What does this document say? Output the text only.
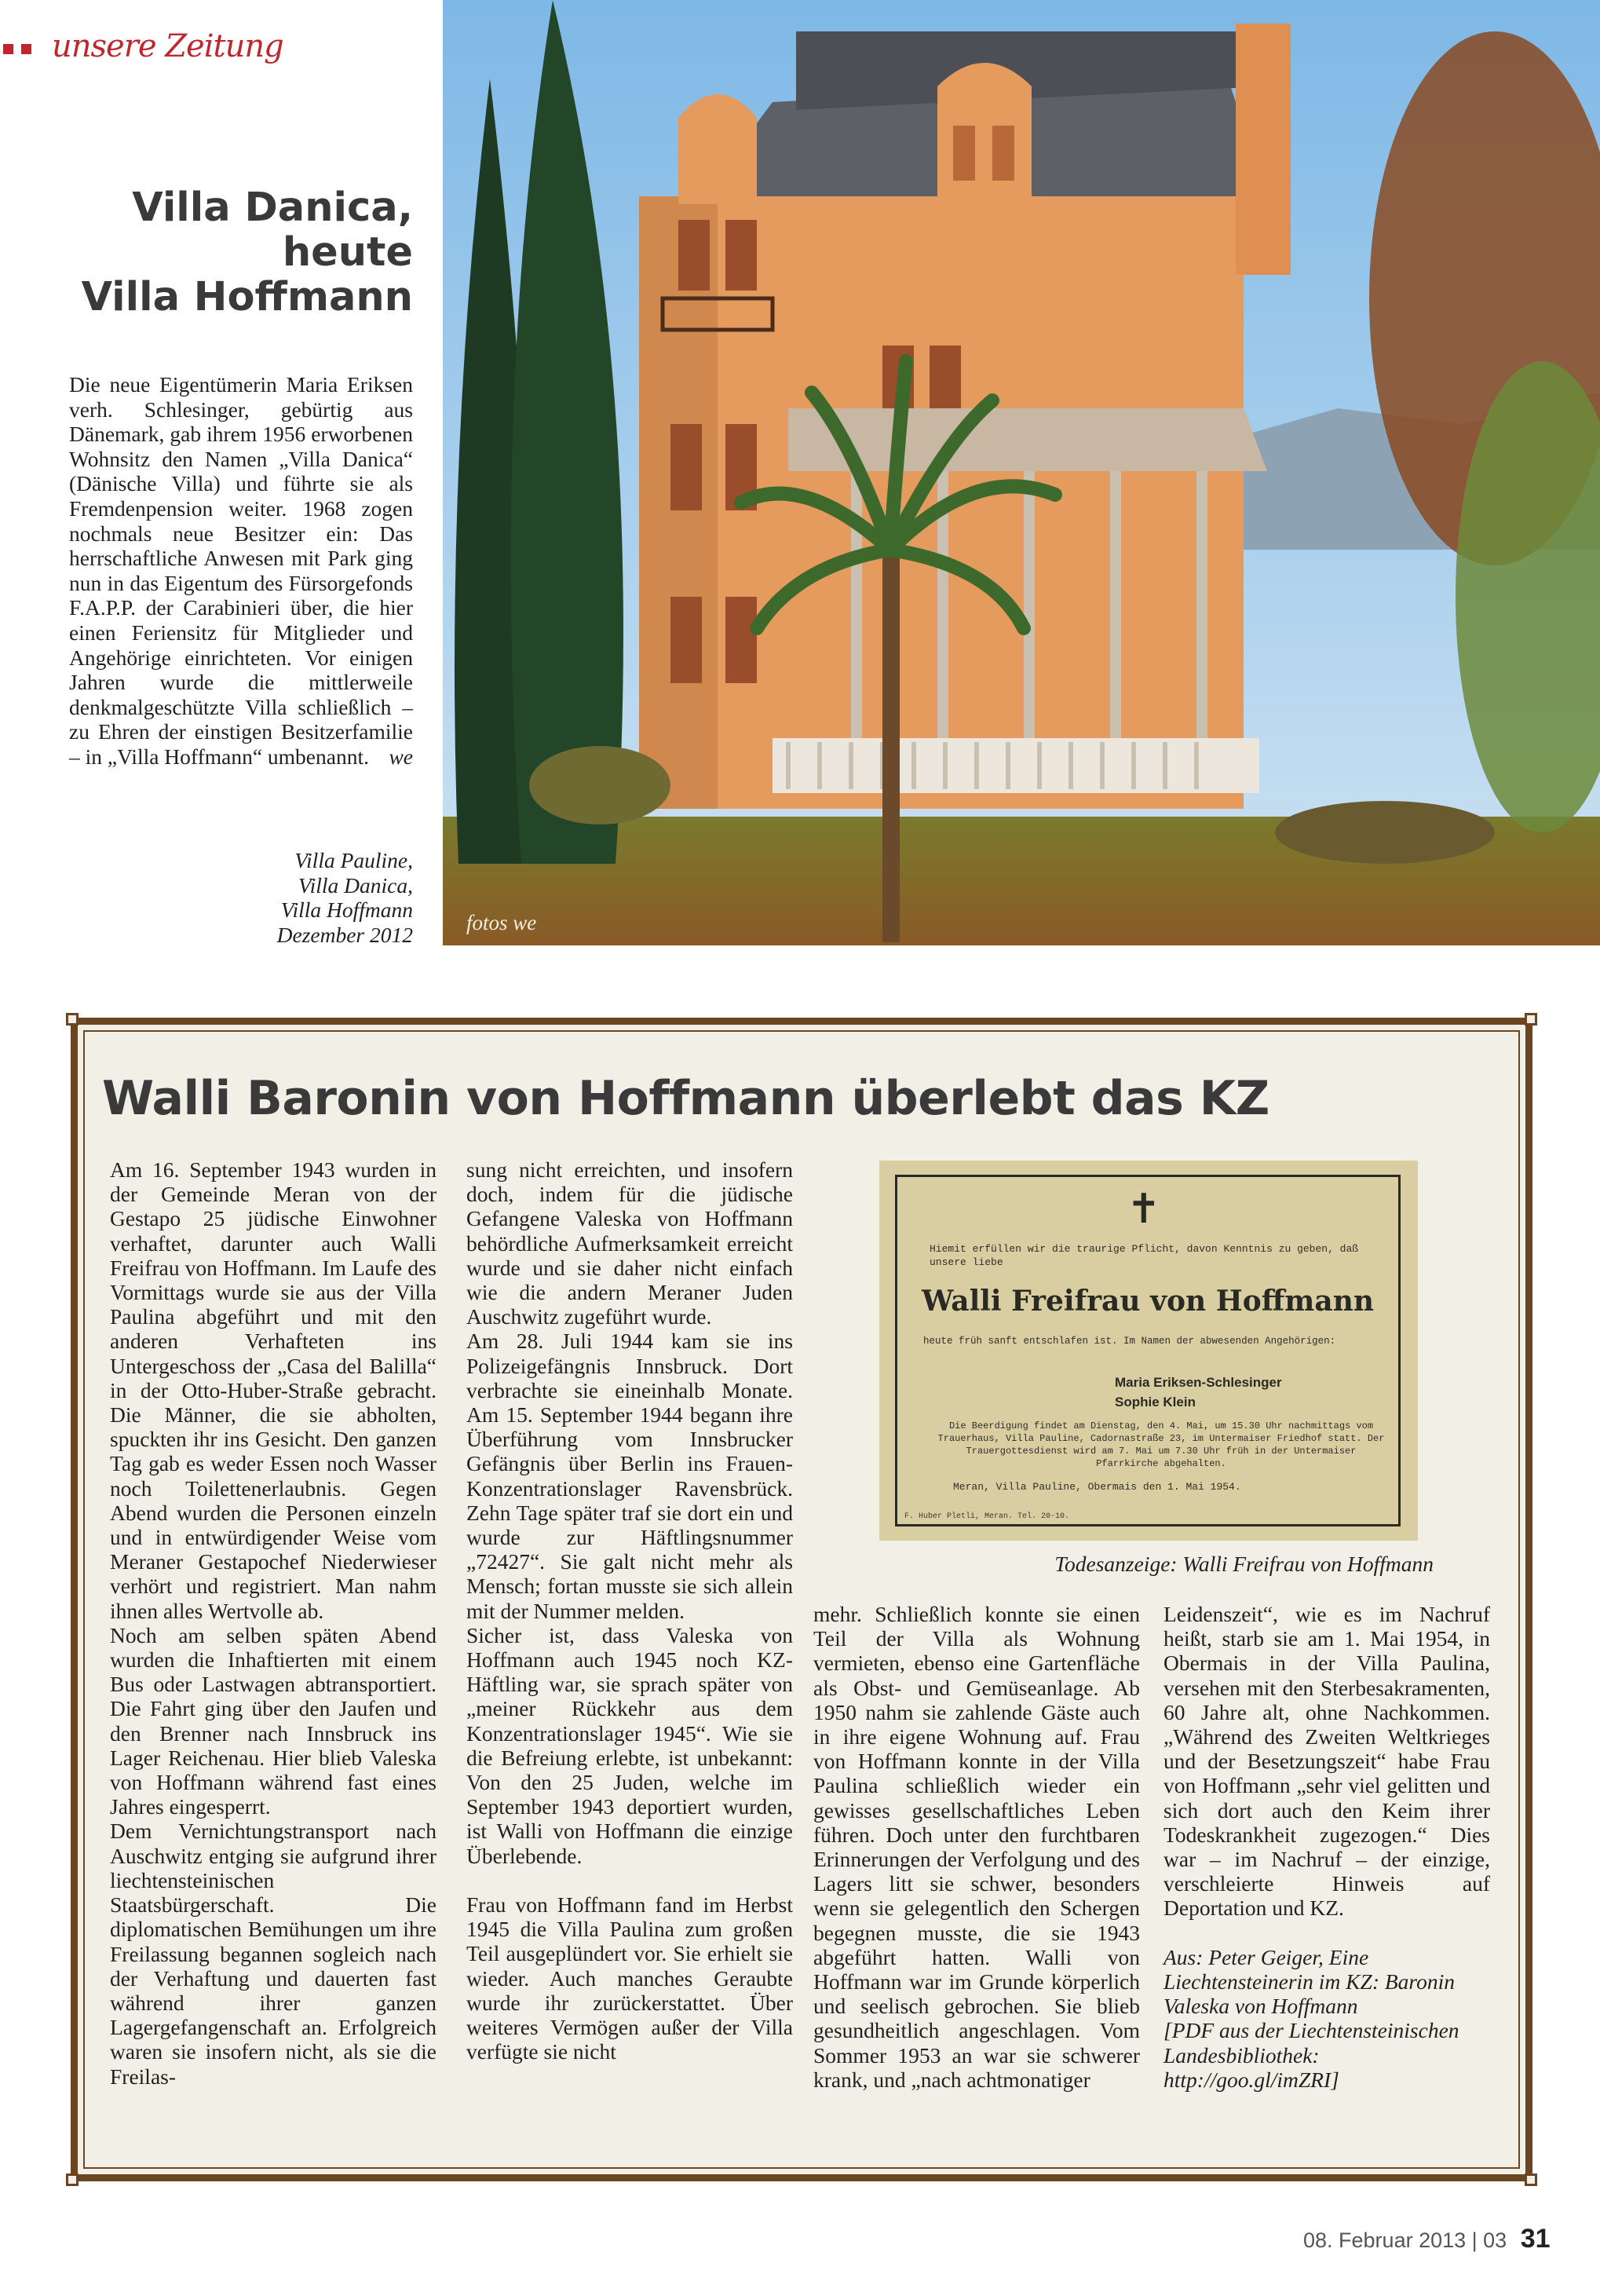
unsere Zeitung
Villa Danica,
heute
Villa Hoffmann
Die neue Eigentümerin Maria Eriksen verh. Schlesinger, gebürtig aus Dänemark, gab ihrem 1956 erworbenen Wohnsitz den Namen „Villa Danica“ (Dänische Villa) und führte sie als Fremdenpension weiter. 1968 zogen nochmals neue Besitzer ein: Das herrschaftliche Anwesen mit Park ging nun in das Eigentum des Fürsorgefonds F.A.P.P. der Carabinieri über, die hier einen Feriensitz für Mitglieder und Angehörige einrichteten. Vor einigen Jahren wurde die mittlerweile denkmalgeschützte Villa schließlich – zu Ehren der einstigen Besitzerfamilie – in „Villa Hoffmann“ umbenannt. we
Villa Pauline,
Villa Danica,
Villa Hoffmann
Dezember 2012	fotos we
Walli Baronin von Hoffmann überlebt das KZ

Am 16. September 1943 wurden in der Gemeinde Meran von der Gestapo 25 jüdische Einwohner verhaftet, darunter auch Walli Freifrau von Hoffmann. Im Laufe des Vormittags wurde sie aus der Villa Paulina abgeführt und mit den anderen Verhafteten ins Untergeschoss der „Casa del Balilla“ in der Otto-Huber-Straße gebracht. Die Männer, die sie abholten, spuckten ihr ins Gesicht. Den ganzen Tag gab es weder Essen noch Wasser noch Toilettenerlaubnis. Gegen Abend wurden die Personen einzeln und in entwürdigender Weise vom Meraner Gestapochef Niederwieser verhört und registriert. Man nahm ihnen alles Wertvolle ab.

Noch am selben späten Abend wurden die Inhaftierten mit einem Bus oder Lastwagen abtransportiert. Die Fahrt ging über den Jaufen und den Brenner nach Innsbruck ins Lager Reichenau. Hier blieb Valeska von Hoffmann während fast eines Jahres eingesperrt.

Dem Vernichtungstransport nach Auschwitz entging sie aufgrund ihrer liechtensteinischen Staatsbürgerschaft. Die diplomatischen Bemühungen um ihre Freilassung begannen sogleich nach der Verhaftung und dauerten fast während ihrer ganzen Lagergefangenschaft an. Erfolgreich waren sie insofern nicht, als sie die Freilas-

sung nicht erreichten, und insofern doch, indem für die jüdische Gefangene Valeska von Hoffmann behördliche Aufmerksamkeit erreicht wurde und sie daher nicht einfach wie die andern Meraner Juden Auschwitz zugeführt wurde.

Am 28. Juli 1944 kam sie ins Polizeigefängnis Innsbruck. Dort verbrachte sie eineinhalb Monate. Am 15. September 1944 begann ihre Überführung vom Innsbrucker Gefängnis über Berlin ins Frauen-Konzentrationslager Ravensbrück. Zehn Tage später traf sie dort ein und wurde zur Häftlingsnummer „72427“. Sie galt nicht mehr als Mensch; fortan musste sie sich allein mit der Nummer melden.

Sicher ist, dass Valeska von Hoffmann auch 1945 noch KZ-Häftling war, sie sprach später von „meiner Rückkehr aus dem Konzentrationslager 1945“. Wie sie die Befreiung erlebte, ist unbekannt: Von den 25 Juden, welche im September 1943 deportiert wurden, ist Walli von Hoffmann die einzige Überlebende.

Frau von Hoffmann fand im Herbst 1945 die Villa Paulina zum großen Teil ausgeplündert vor. Sie erhielt sie wieder. Auch manches Geraubte wurde ihr zurückerstattet. Über weiteres Vermögen außer der Villa verfügte sie nicht

mehr. Schließlich konnte sie einen Teil der Villa als Wohnung vermieten, ebenso eine Gartenfläche als Obst- und Gemüseanlage. Ab 1950 nahm sie zahlende Gäste auch in ihre eigene Wohnung auf. Frau von Hoffmann konnte in der Villa Paulina schließlich wieder ein gewisses gesellschaftliches Leben führen. Doch unter den furchtbaren Erinnerungen der Verfolgung und des Lagers litt sie schwer, besonders wenn sie gelegentlich den Schergen begegnen musste, die sie 1943 abgeführt hatten. Walli von Hoffmann war im Grunde körperlich und seelisch gebrochen. Sie blieb gesundheitlich angeschlagen. Vom Sommer 1953 an war sie schwerer krank, und „nach achtmonatiger

Leidenszeit“, wie es im Nachruf heißt, starb sie am 1. Mai 1954, in Obermais in der Villa Paulina, versehen mit den Sterbesakramenten, 60 Jahre alt, ohne Nachkommen. „Während des Zweiten Weltkrieges und der Besetzungszeit“ habe Frau von Hoffmann „sehr viel gelitten und sich dort auch den Keim ihrer Todeskrankheit zugezogen.“ Dies war – im Nachruf – der einzige, verschleierte Hinweis auf Deportation und KZ.

Aus: Peter Geiger, Eine Liechtensteinerin im KZ: Baronin Valeska von Hoffmann
[PDF aus der Liechtensteinischen Landesbibliothek:
http://goo.gl/imZRI]
✝
Hiemit erfüllen wir die traurige Pflicht, davon Kenntnis zu geben, daß unsere liebe
Walli Freifrau von Hoffmann
heute früh sanft entschlafen ist. Im Namen der abwesenden Angehörigen:
Maria Eriksen-Schlesinger
Sophie Klein
Die Beerdigung findet am Dienstag, den 4. Mai, um 15.30 Uhr nachmittags vom Trauerhaus, Villa Pauline, Cadornastraße 23, im Untermaiser Friedhof statt. Der Trauergottesdienst wird am 7. Mai um 7.30 Uhr früh in der Untermaiser Pfarrkirche abgehalten.
Meran, Villa Pauline, Obermais den 1. Mai 1954.
F. Huber Pletli, Meran. Tel. 20-10.
Todesanzeige: Walli Freifrau von Hoffmann
08. Februar 2013 | 03 31
